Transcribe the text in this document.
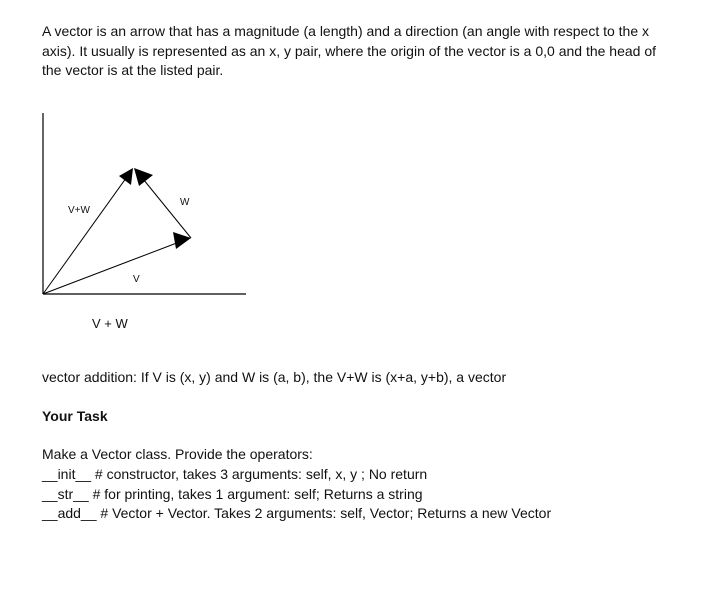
A vector is an arrow that has a magnitude (a length) and a direction (an angle with respect to the x axis). It usually is represented as an x, y pair, where the origin of the vector is a 0,0 and the head of the vector is at the listed pair.

V+W
W
V
V + W

vector addition: If V is (x, y) and W is (a, b), the V+W is (x+a, y+b), a vector

Your Task

Make a Vector class. Provide the operators:

__init__ # constructor, takes 3 arguments: self, x, y ; No return
__str__ # for printing, takes 1 argument: self; Returns a string
__add__ # Vector + Vector. Takes 2 arguments: self, Vector; Returns a new Vector
